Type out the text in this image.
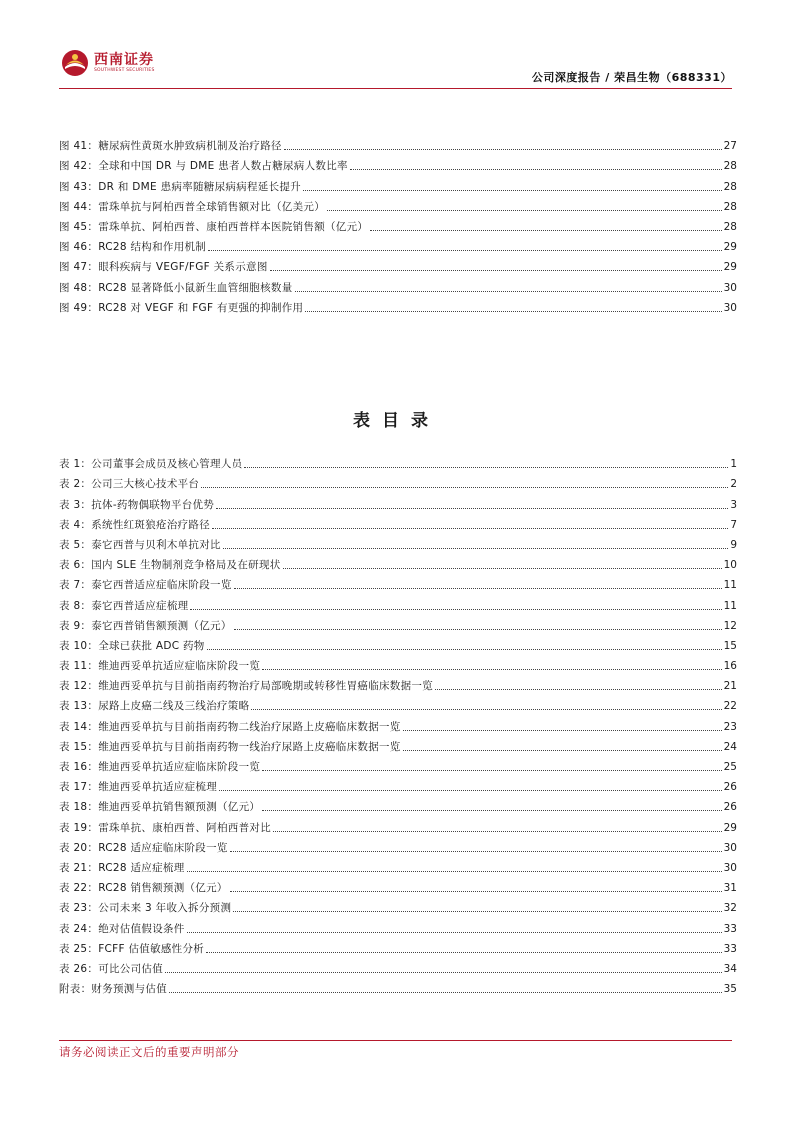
西南证券
SOUTHWEST SECURITIES
公司深度报告 / 荣昌生物（688331）
图 41：糖尿病性黄斑水肿致病机制及治疗路径	27
图 42：全球和中国 DR 与 DME 患者人数占糖尿病人数比率	28
图 43：DR 和 DME 患病率随糖尿病病程延长提升	28
图 44：雷珠单抗与阿柏西普全球销售额对比（亿美元）	28
图 45：雷珠单抗、阿柏西普、康柏西普样本医院销售额（亿元）	28
图 46：RC28 结构和作用机制	29
图 47：眼科疾病与 VEGF/FGF 关系示意图	29
图 48：RC28 显著降低小鼠新生血管细胞核数量	30
图 49：RC28 对 VEGF 和 FGF 有更强的抑制作用	30
表目录
表 1：公司董事会成员及核心管理人员	1
表 2：公司三大核心技术平台	2
表 3：抗体-药物偶联物平台优势	3
表 4：系统性红斑狼疮治疗路径	7
表 5：泰它西普与贝利木单抗对比	9
表 6：国内 SLE 生物制剂竞争格局及在研现状	10
表 7：泰它西普适应症临床阶段一览	11
表 8：泰它西普适应症梳理	11
表 9：泰它西普销售额预测（亿元）	12
表 10：全球已获批 ADC 药物	15
表 11：维迪西妥单抗适应症临床阶段一览	16
表 12：维迪西妥单抗与目前指南药物治疗局部晚期或转移性胃癌临床数据一览	21
表 13：尿路上皮癌二线及三线治疗策略	22
表 14：维迪西妥单抗与目前指南药物二线治疗尿路上皮癌临床数据一览	23
表 15：维迪西妥单抗与目前指南药物一线治疗尿路上皮癌临床数据一览	24
表 16：维迪西妥单抗适应症临床阶段一览	25
表 17：维迪西妥单抗适应症梳理	26
表 18：维迪西妥单抗销售额预测（亿元）	26
表 19：雷珠单抗、康柏西普、阿柏西普对比	29
表 20：RC28 适应症临床阶段一览	30
表 21：RC28 适应症梳理	30
表 22：RC28 销售额预测（亿元）	31
表 23：公司未来 3 年收入拆分预测	32
表 24：绝对估值假设条件	33
表 25：FCFF 估值敏感性分析	33
表 26：可比公司估值	34
附表：财务预测与估值	35
请务必阅读正文后的重要声明部分
